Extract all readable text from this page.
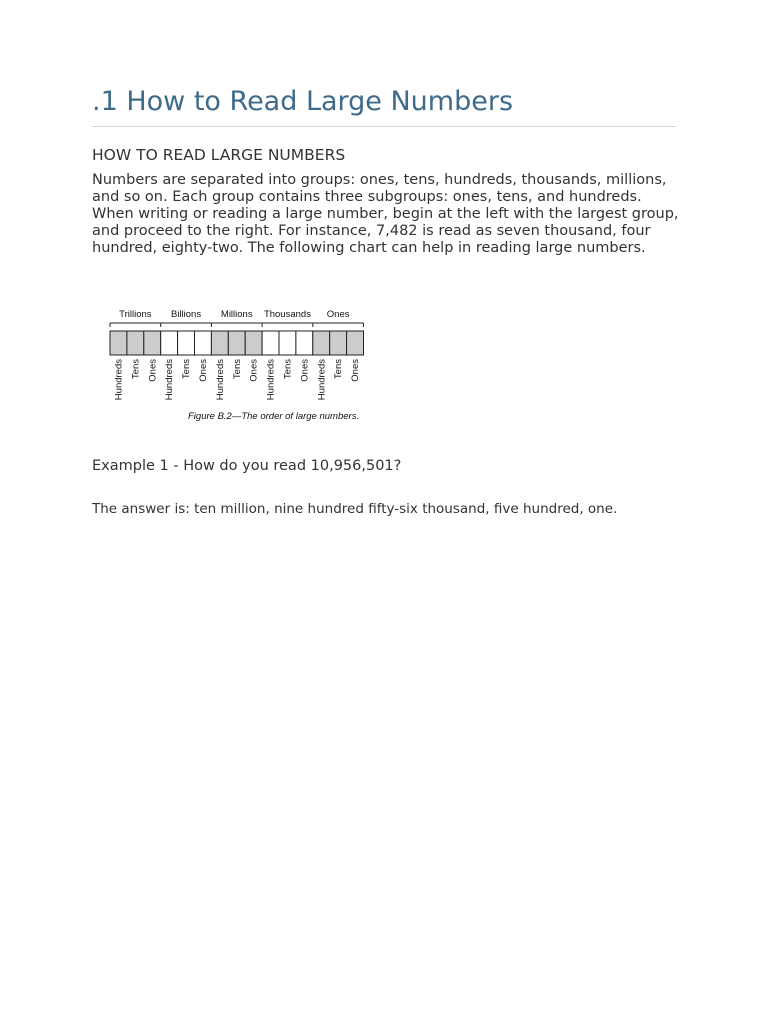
.1 How to Read Large Numbers
HOW TO READ LARGE NUMBERS

Numbers are separated into groups: ones, tens, hundreds, thousands, millions, and so on. Each group contains three subgroups: ones, tens, and hundreds. When writing or reading a large number, begin at the left with the largest group, and proceed to the right. For instance, 7,482 is read as seven thousand, four hundred, eighty-two. The following chart can help in reading large numbers.

Trillions
Hundreds Tens Ones
Billions
Hundreds Tens Ones
Millions
Hundreds Tens Ones
Thousands
Hundreds Tens Ones
Ones
Hundreds Tens Ones
Figure B.2—The order of large numbers.

Example 1 - How do you read 10,956,501?

The answer is: ten million, nine hundred fifty-six thousand, five hundred, one.
